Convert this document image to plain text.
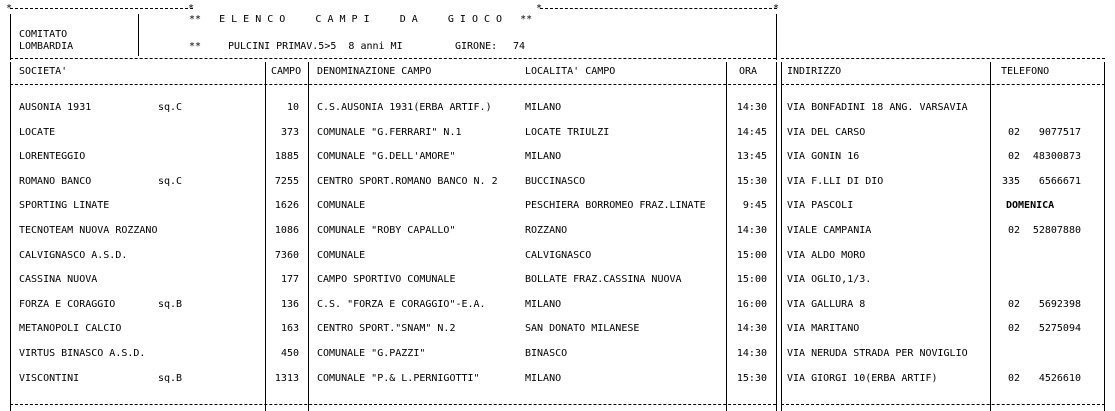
*	*	*	*
**   E L E N C O     C A M P I     D A     G I O C O   **
COMITATO
LOMBARDIA	**	PULCINI PRIMAV.5>5  8 anni MI	GIRONE: 74
SOCIETA'	CAMPO DENOMINAZIONE CAMPO	LOCALITA' CAMPO	ORA	INDIRIZZO	TELEFONO
AUSONIA 1931	sq.C	10 C.S.AUSONIA 1931(ERBA ARTIF.)	MILANO	14:30 VIA BONFADINI 18 ANG. VARSAVIA
LOCATE	373 COMUNALE "G.FERRARI" N.1	LOCATE TRIULZI	14:45 VIA DEL CARSO	02	9077517
LORENTEGGIO	1885 COMUNALE "G.DELL'AMORE"	MILANO	13:45 VIA GONIN 16	02	48300873
ROMANO BANCO	sq.C	7255 CENTRO SPORT.ROMANO BANCO N. 2	BUCCINASCO	15:30 VIA F.LLI DI DIO	335	6566671
SPORTING LINATE	1626 COMUNALE	PESCHIERA BORROMEO FRAZ.LINATE	9:45 VIA PASCOLI	DOMENICA
TECNOTEAM NUOVA ROZZANO	1086 COMUNALE "ROBY CAPALLO"	ROZZANO	14:30 VIALE CAMPANIA	02	52807880
CALVIGNASCO A.S.D.	7360 COMUNALE	CALVIGNASCO	15:00 VIA ALDO MORO
CASSINA NUOVA	177 CAMPO SPORTIVO COMUNALE	BOLLATE FRAZ.CASSINA NUOVA	15:00 VIA OGLIO,1/3.
FORZA E CORAGGIO	sq.B	136 C.S. "FORZA E CORAGGIO"-E.A.	MILANO	16:00 VIA GALLURA 8	02	5692398
METANOPOLI CALCIO	163 CENTRO SPORT."SNAM" N.2	SAN DONATO MILANESE	14:30 VIA MARITANO	02	5275094
VIRTUS BINASCO A.S.D.	450 COMUNALE "G.PAZZI"	BINASCO	14:30 VIA NERUDA STRADA PER NOVIGLIO
VISCONTINI	sq.B	1313 COMUNALE "P.& L.PERNIGOTTI"	MILANO	15:30 VIA GIORGI 10(ERBA ARTIF)	02	4526610
